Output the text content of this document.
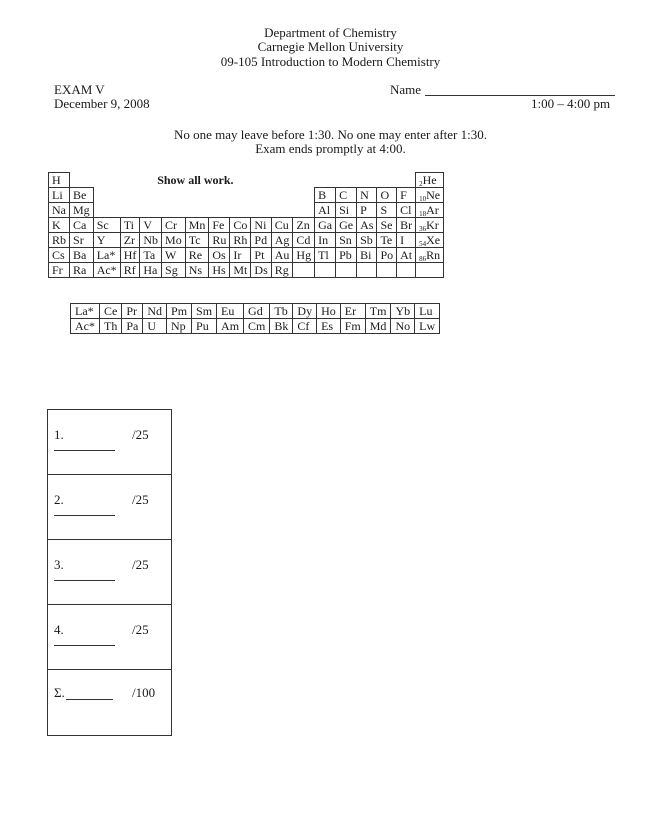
Department of Chemistry
Carnegie Mellon University
09-105 Introduction to Modern Chemistry
EXAM V
December 9, 2008
Name
1:00 – 4:00 pm
No one may leave before 1:30. No one may enter after 1:30.
Exam ends promptly at 4:00.
H				Show all work.													$_2$He
Li	Be											B	C	N	O	F	$_{10}$Ne
Na	Mg											Al	Si	P	S	Cl	$_{18}$Ar
K	Ca	Sc	Ti	V	Cr	Mn	Fe	Co	Ni	Cu	Zn	Ga	Ge	As	Se	Br	$_{36}$Kr
Rb	Sr	Y	Zr	Nb	Mo	Tc	Ru	Rh	Pd	Ag	Cd	In	Sn	Sb	Te	I	$_{54}$Xe
Cs	Ba	La*	Hf	Ta	W	Re	Os	Ir	Pt	Au	Hg	Tl	Pb	Bi	Po	At	$_{86}$Rn
Fr	Ra	Ac*	Rf	Ha	Sg	Ns	Hs	Mt	Ds	Rg							
La*	Ce	Pr	Nd	Pm	Sm	Eu	Gd	Tb	Dy	Ho	Er	Tm	Yb	Lu
Ac*	Th	Pa	U	Np	Pu	Am	Cm	Bk	Cf	Es	Fm	Md	No	Lw
1.	/25
2.	/25
3.	/25
4.	/25
Σ.	/100
